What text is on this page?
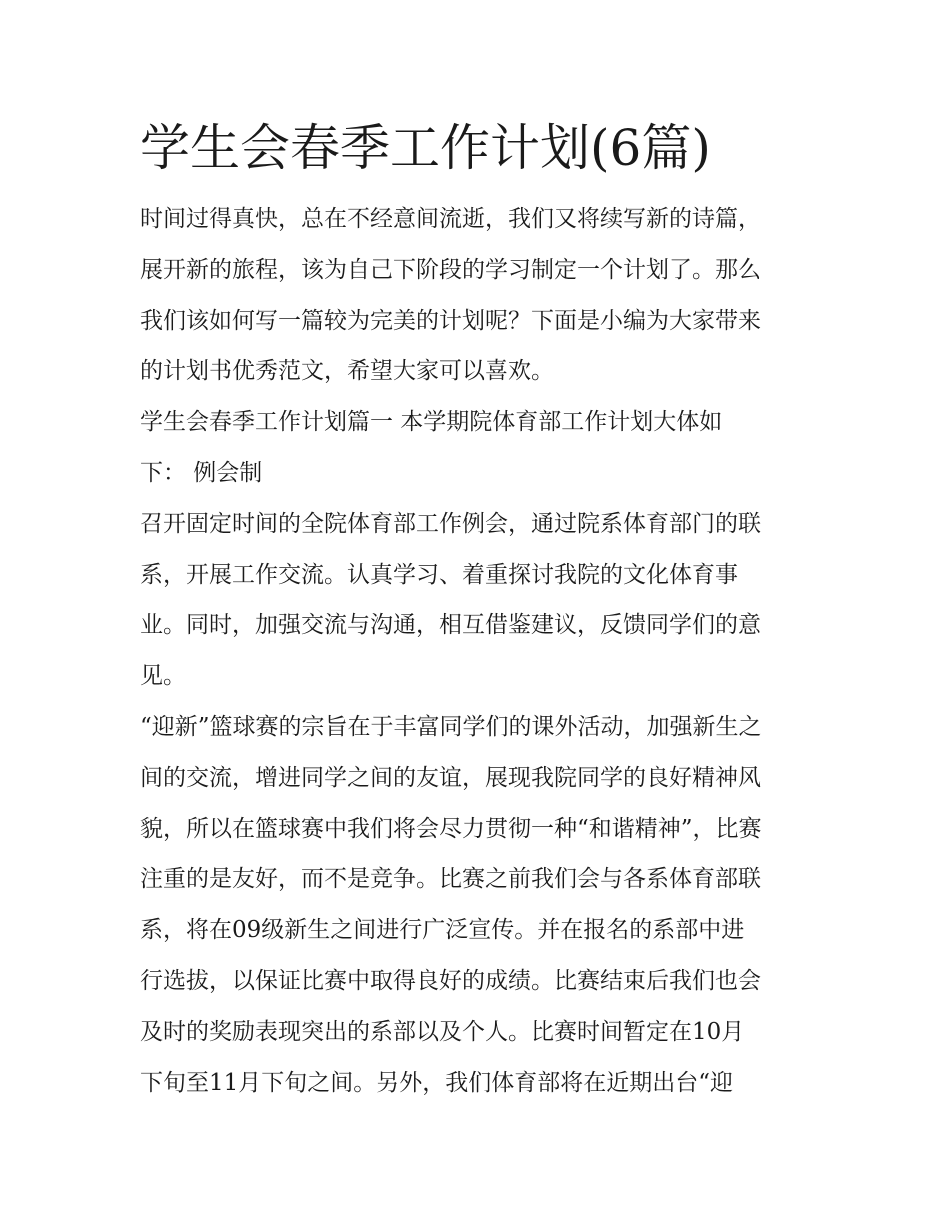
学生会春季工作计划(6篇)
时间过得真快，总在不经意间流逝，我们又将续写新的诗篇，
展开新的旅程，该为自己下阶段的学习制定一个计划了。那么
我们该如何写一篇较为完美的计划呢？下面是小编为大家带来
的计划书优秀范文，希望大家可以喜欢。
学生会春季工作计划篇一 本学期院体育部工作计划大体如
下： 例会制
召开固定时间的全院体育部工作例会，通过院系体育部门的联
系，开展工作交流。认真学习、着重探讨我院的文化体育事
业。同时，加强交流与沟通，相互借鉴建议，反馈同学们的意
见。
“迎新”篮球赛的宗旨在于丰富同学们的课外活动，加强新生之
间的交流，增进同学之间的友谊，展现我院同学的良好精神风
貌，所以在篮球赛中我们将会尽力贯彻一种“和谐精神”，比赛
注重的是友好，而不是竞争。比赛之前我们会与各系体育部联
系，将在09级新生之间进行广泛宣传。并在报名的系部中进
行选拔，以保证比赛中取得良好的成绩。比赛结束后我们也会
及时的奖励表现突出的系部以及个人。比赛时间暂定在10月
下旬至11月下旬之间。另外，我们体育部将在近期出台“迎
